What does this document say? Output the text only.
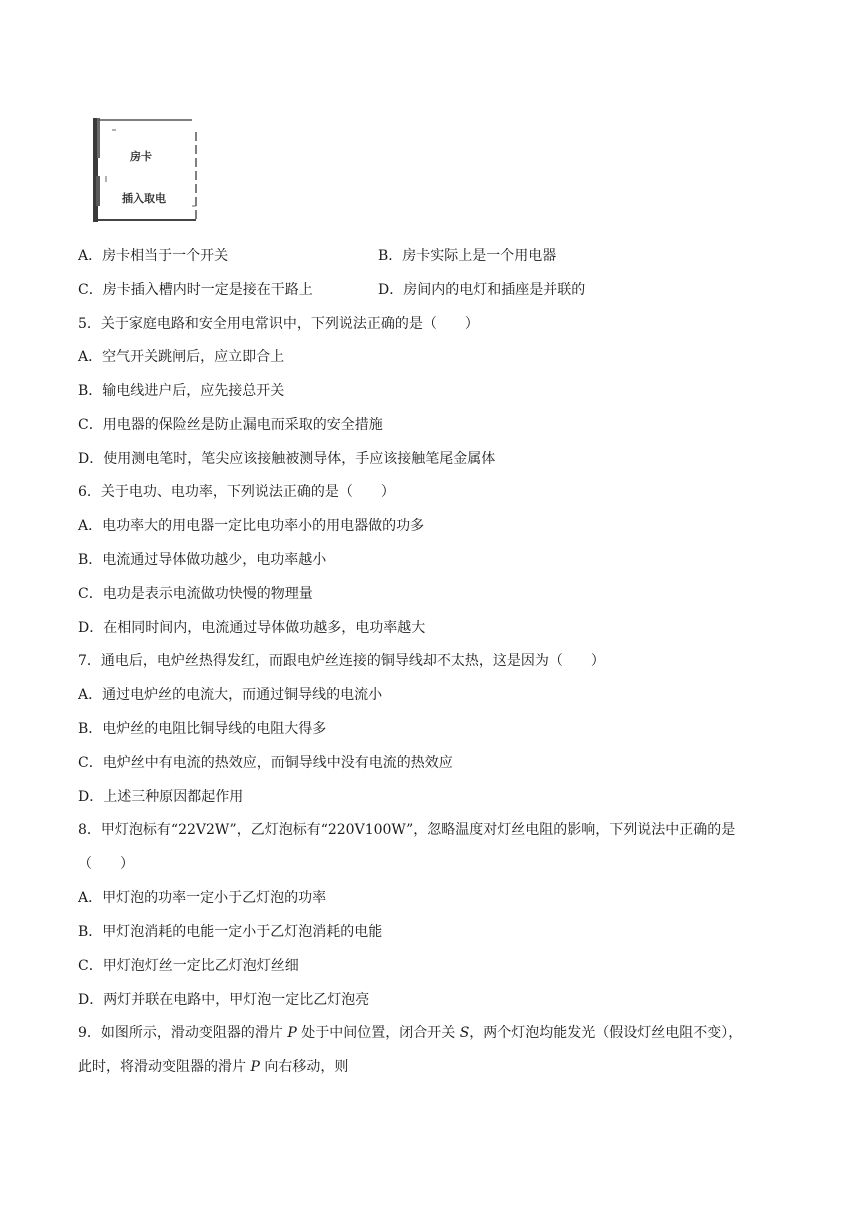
房卡
插入取电
A．房卡相当于一个开关	B．房卡实际上是一个用电器
C．房卡插入槽内时一定是接在干路上	D．房间内的电灯和插座是并联的
5．关于家庭电路和安全用电常识中，下列说法正确的是（　　）
A．空气开关跳闸后，应立即合上
B．输电线进户后，应先接总开关
C．用电器的保险丝是防止漏电而采取的安全措施
D．使用测电笔时，笔尖应该接触被测导体，手应该接触笔尾金属体
6．关于电功、电功率，下列说法正确的是（　　）
A．电功率大的用电器一定比电功率小的用电器做的功多
B．电流通过导体做功越少，电功率越小
C．电功是表示电流做功快慢的物理量
D．在相同时间内，电流通过导体做功越多，电功率越大
7．通电后，电炉丝热得发红，而跟电炉丝连接的铜导线却不太热，这是因为（　　）
A．通过电炉丝的电流大，而通过铜导线的电流小
B．电炉丝的电阻比铜导线的电阻大得多
C．电炉丝中有电流的热效应，而铜导线中没有电流的热效应
D．上述三种原因都起作用
8．甲灯泡标有“22V2W”，乙灯泡标有“220V100W”，忽略温度对灯丝电阻的影响，下列说法中正确的是
（　　）
A．甲灯泡的功率一定小于乙灯泡的功率
B．甲灯泡消耗的电能一定小于乙灯泡消耗的电能
C．甲灯泡灯丝一定比乙灯泡灯丝细
D．两灯并联在电路中，甲灯泡一定比乙灯泡亮
9．如图所示，滑动变阻器的滑片 P 处于中间位置，闭合开关 S，两个灯泡均能发光（假设灯丝电阻不变），
此时，将滑动变阻器的滑片 P 向右移动，则
